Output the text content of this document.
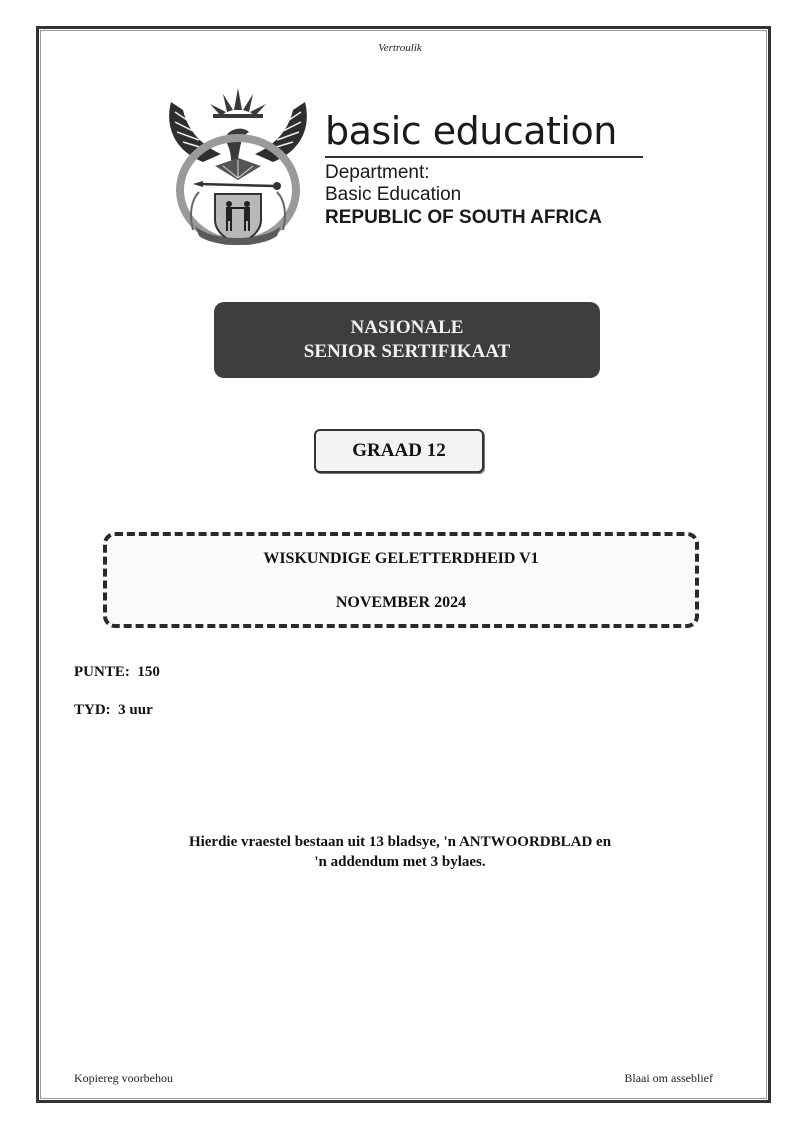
Vertroulik
basic education
Department:
Basic Education
REPUBLIC OF SOUTH AFRICA
NASIONALE
SENIOR SERTIFIKAAT
GRAAD 12
WISKUNDIGE GELETTERDHEID V1
NOVEMBER 2024
PUNTE: 150
TYD: 3 uur
Hierdie vraestel bestaan uit 13 bladsye, 'n ANTWOORDBLAD en
'n addendum met 3 bylaes.
Kopiereg voorbehou	Blaai om asseblief
